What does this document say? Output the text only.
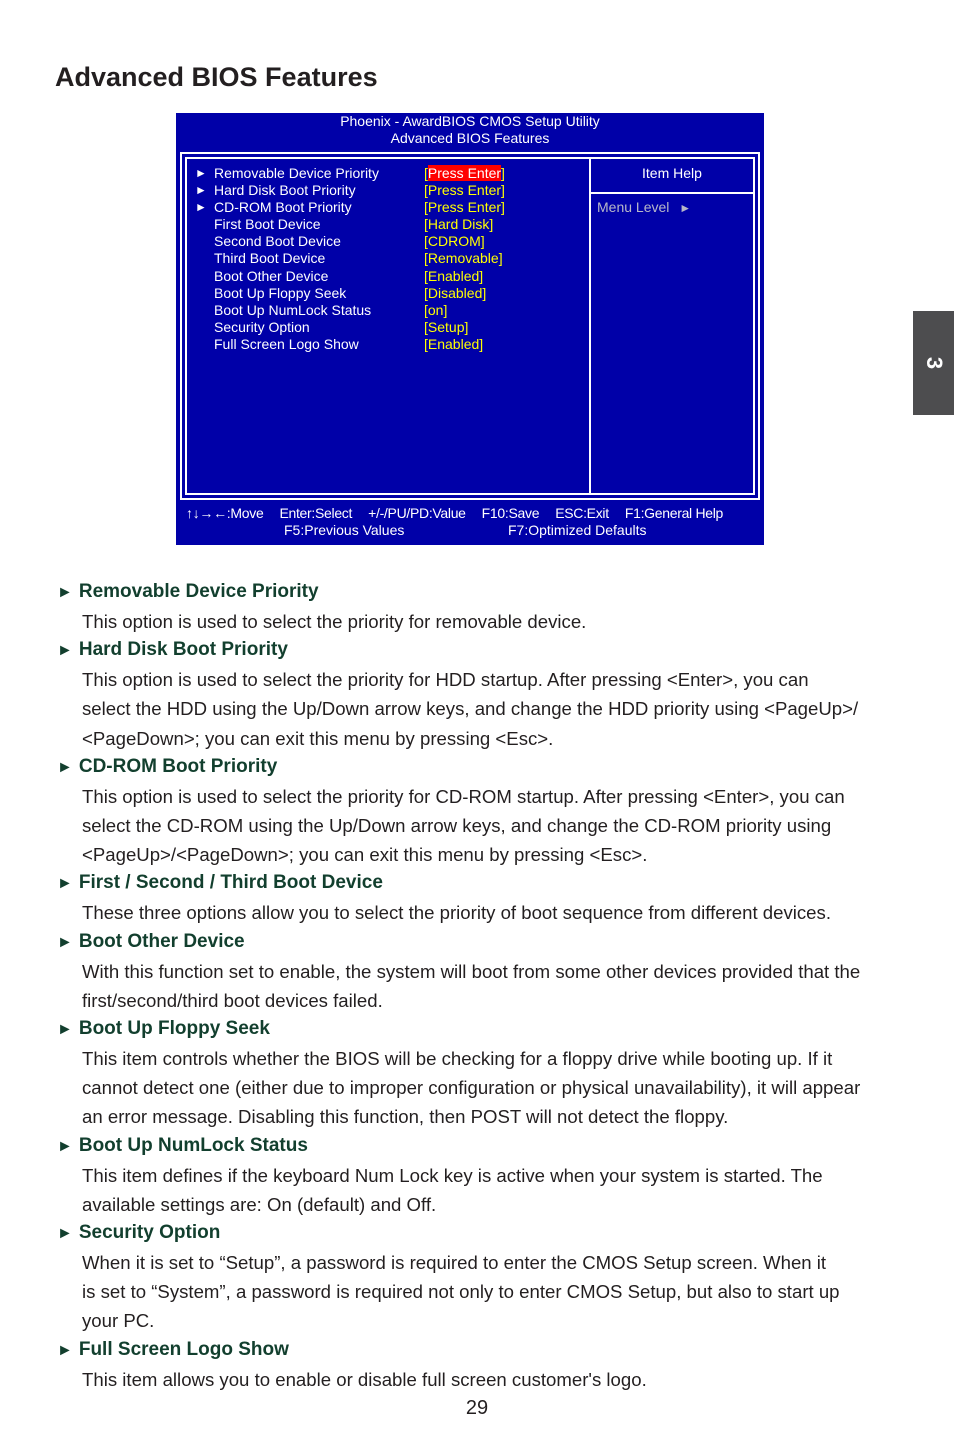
Advanced BIOS Features
3
Phoenix - AwardBIOS CMOS Setup Utility
Advanced BIOS Features
► Removable Device Priority	[Press Enter]
► Hard Disk Boot Priority	[Press Enter]
► CD-ROM Boot Priority	[Press Enter]
First Boot Device	[Hard Disk]
Second Boot Device	[CDROM]
Third Boot Device	[Removable]
Boot Other Device	[Enabled]
Boot Up Floppy Seek	[Disabled]
Boot Up NumLock Status	[on]
Security Option	[Setup]
Full Screen Logo Show	[Enabled]
Item Help
Menu Level ►
↑↓→←:Move Enter:Select +/-/PU/PD:Value F10:Save ESC:Exit F1:General Help
F5:Previous Values	F7:Optimized Defaults
► Removable Device Priority
This option is used to select the priority for removable device.
► Hard Disk Boot Priority
This option is used to select the priority for HDD startup. After pressing <Enter>, you can
select the HDD using the Up/Down arrow keys, and change the HDD priority using <PageUp>/
<PageDown>; you can exit this menu by pressing <Esc>.
► CD-ROM Boot Priority
This option is used to select the priority for CD-ROM startup. After pressing <Enter>, you can
select the CD-ROM using the Up/Down arrow keys, and change the CD-ROM priority using
<PageUp>/<PageDown>; you can exit this menu by pressing <Esc>.
► First / Second / Third Boot Device
These three options allow you to select the priority of boot sequence from different devices.
► Boot Other Device
With this function set to enable, the system will boot from some other devices provided that the
first/second/third boot devices failed.
► Boot Up Floppy Seek
This item controls whether the BIOS will be checking for a floppy drive while booting up. If it
cannot detect one (either due to improper configuration or physical unavailability), it will appear
an error message. Disabling this function, then POST will not detect the floppy.
► Boot Up NumLock Status
This item defines if the keyboard Num Lock key is active when your system is started. The
available settings are: On (default) and Off.
► Security Option
When it is set to “Setup”, a password is required to enter the CMOS Setup screen. When it
is set to “System”, a password is required not only to enter CMOS Setup, but also to start up
your PC.
► Full Screen Logo Show
This item allows you to enable or disable full screen customer's logo.
29
